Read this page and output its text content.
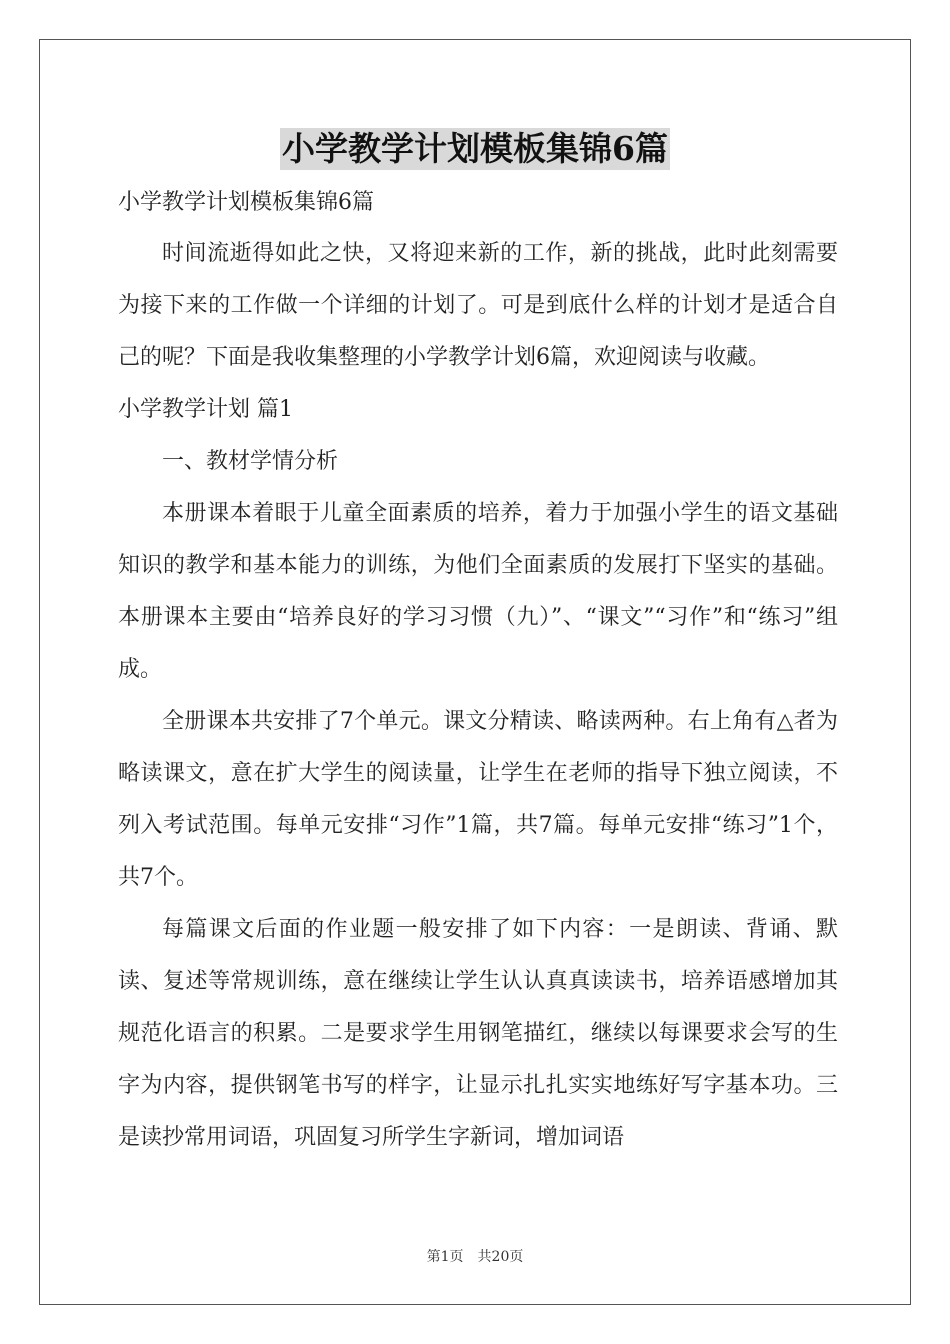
小学教学计划模板集锦6篇

小学教学计划模板集锦6篇

时间流逝得如此之快，又将迎来新的工作，新的挑战，此时此刻需要为接下来的工作做一个详细的计划了。可是到底什么样的计划才是适合自己的呢？下面是我收集整理的小学教学计划6篇，欢迎阅读与收藏。

小学教学计划 篇1

一、教材学情分析

本册课本着眼于儿童全面素质的培养，着力于加强小学生的语文基础知识的教学和基本能力的训练，为他们全面素质的发展打下坚实的基础。本册课本主要由“培养良好的学习习惯（九）”、“课文”“习作”和“练习”组成。

全册课本共安排了7个单元。课文分精读、略读两种。右上角有△者为略读课文，意在扩大学生的阅读量，让学生在老师的指导下独立阅读，不列入考试范围。每单元安排“习作”1篇，共7篇。每单元安排“练习”1个，共7个。

每篇课文后面的作业题一般安排了如下内容：一是朗读、背诵、默读、复述等常规训练，意在继续让学生认认真真读读书，培养语感增加其规范化语言的积累。二是要求学生用钢笔描红，继续以每课要求会写的生字为内容，提供钢笔书写的样字，让显示扎扎实实地练好写字基本功。三是读抄常用词语，巩固复习所学生字新词，增加词语

第1页　共20页
